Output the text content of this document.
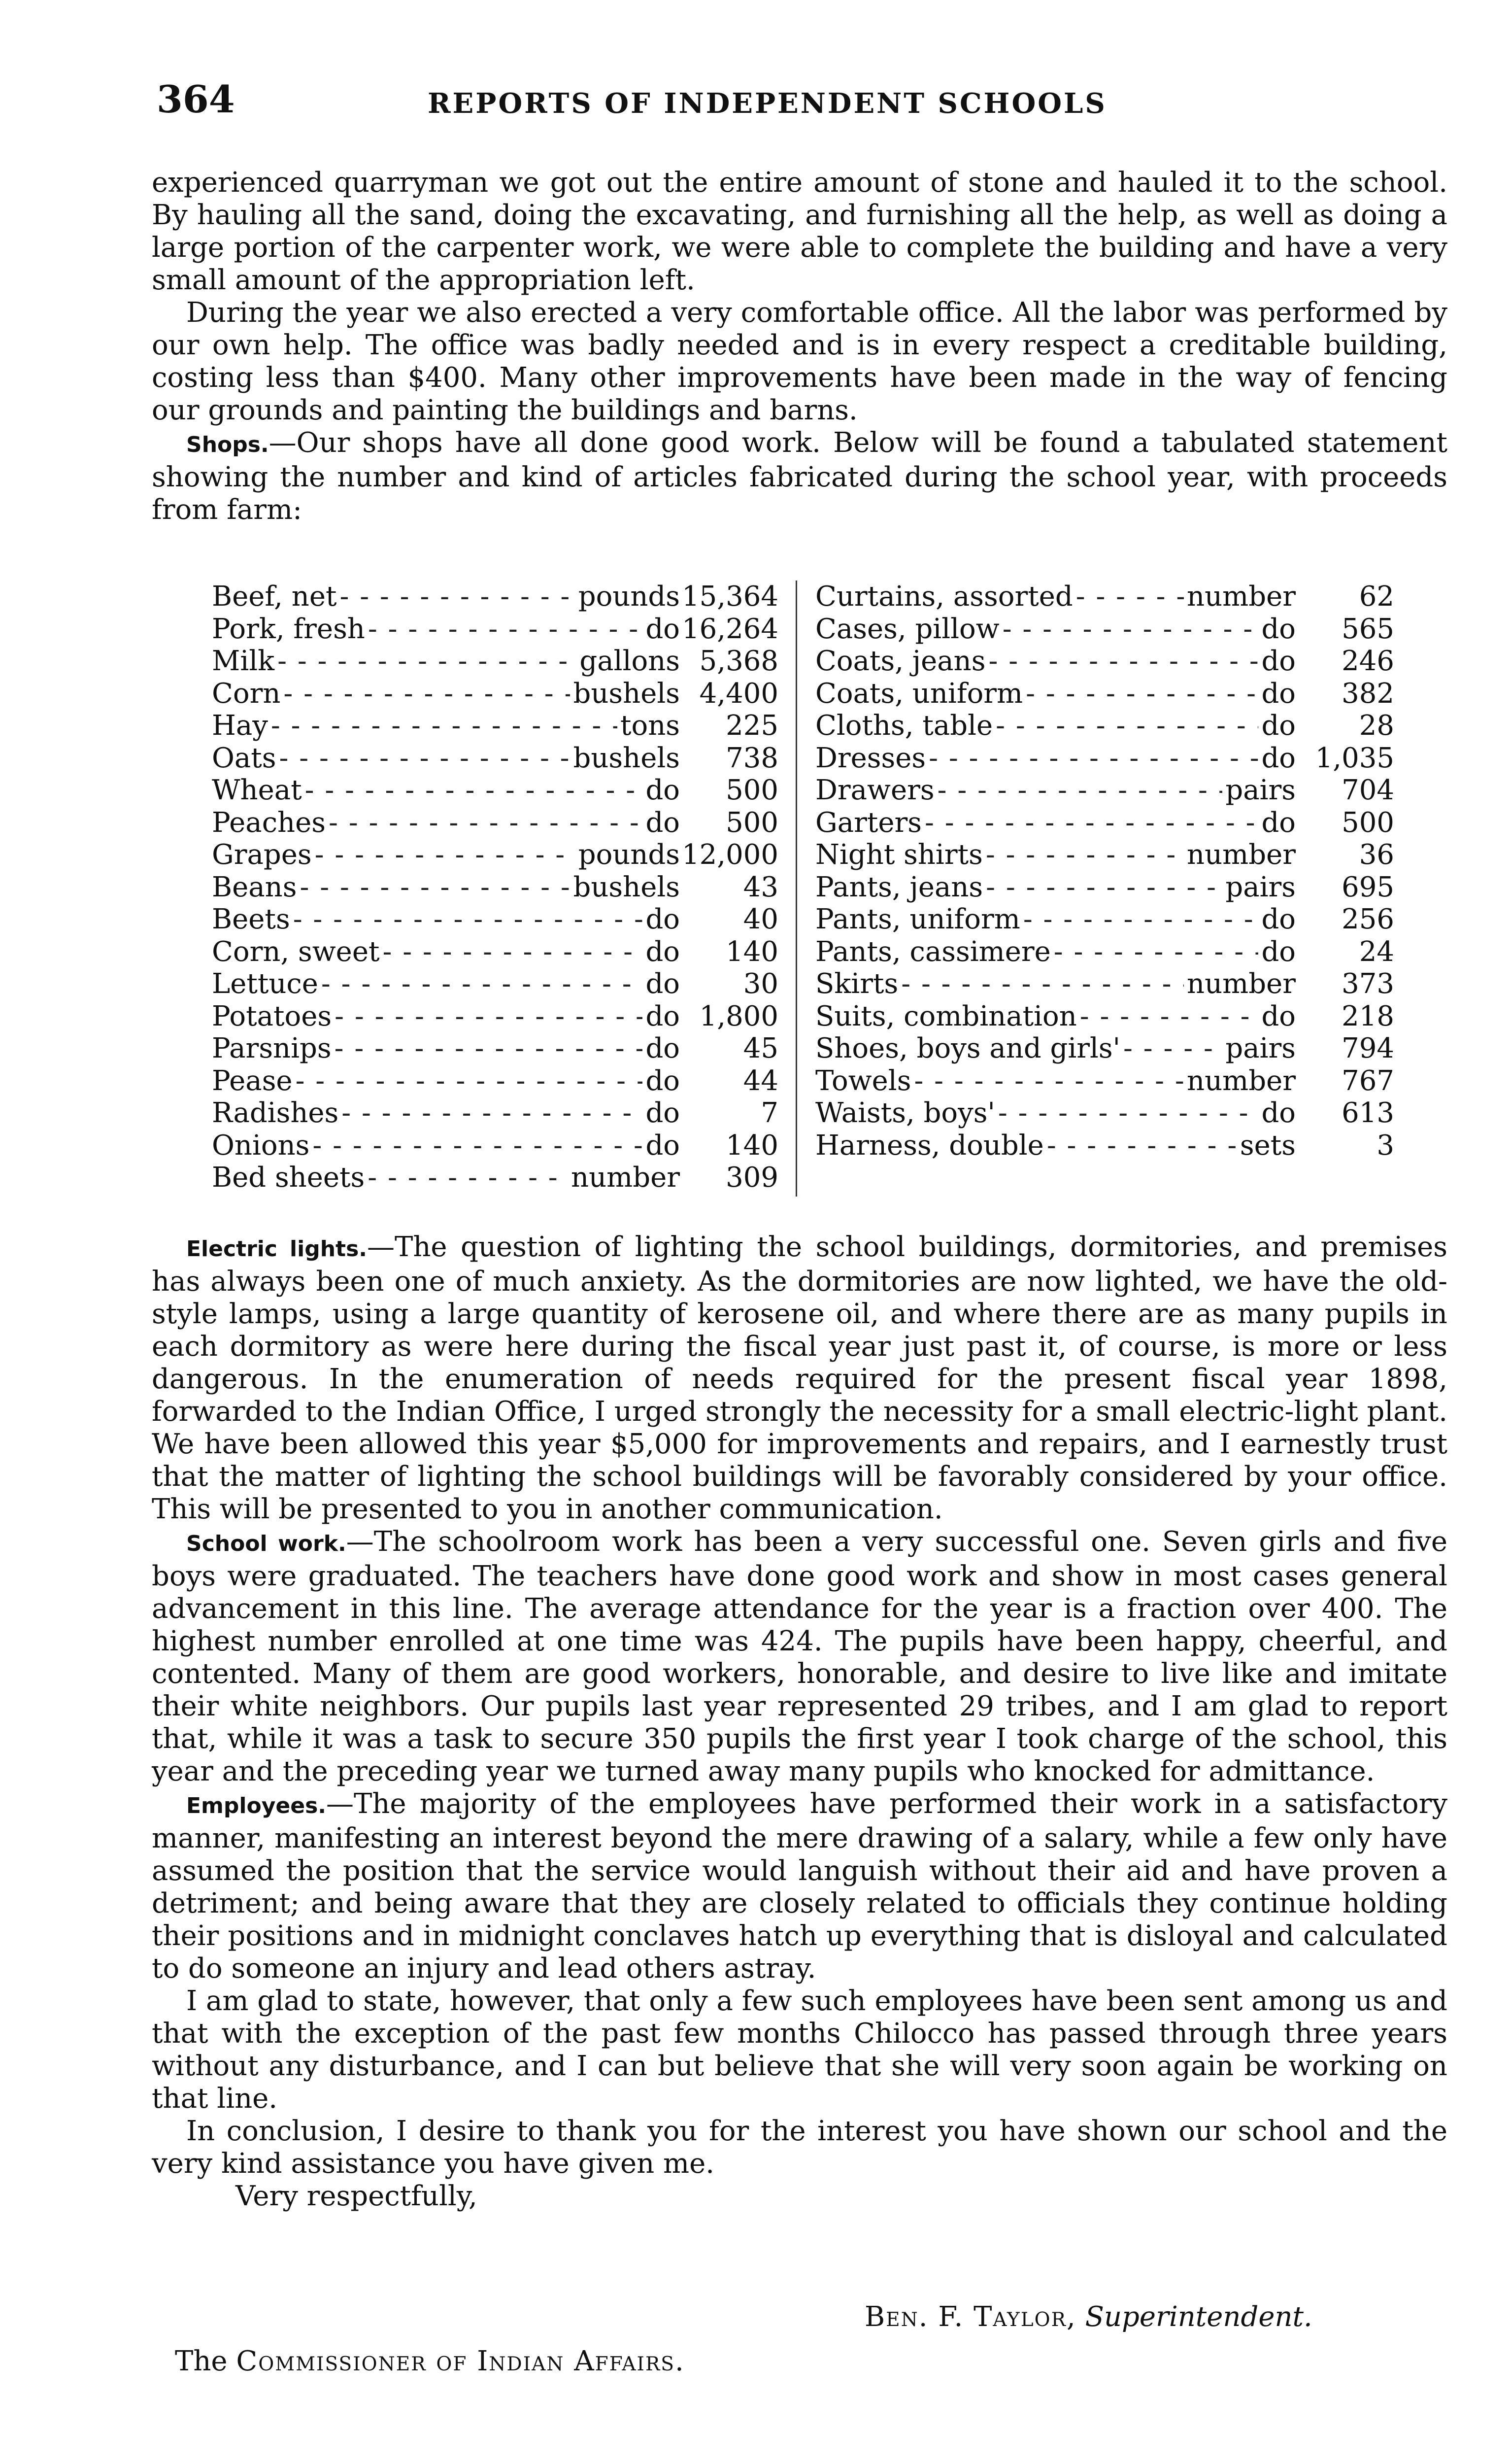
364	REPORTS OF INDEPENDENT SCHOOLS

experienced quarryman we got out the entire amount of stone and hauled it to the school. By hauling all the sand, doing the excavating, and furnishing all the help, as well as doing a large portion of the carpenter work, we were able to complete the building and have a very small amount of the appropriation left.

During the year we also erected a very comfortable office. All the labor was performed by our own help. The office was badly needed and is in every respect a creditable building, costing less than $400. Many other improvements have been made in the way of fencing our grounds and painting the buildings and barns.

Shops.—Our shops have all done good work. Below will be found a tabulated statement showing the number and kind of articles fabricated during the school year, with proceeds from farm:

Beef, net - - -	pounds 15,364
Pork, fresh - - -	do 16,264
Milk - - -	gallons 5,368
Corn - - -	bushels 4,400
Hay - - -	tons	225
Oats - - -	bushels	738
Wheat - - -	do	500
Peaches - - -	do	500
Grapes - - -	pounds 12,000
Beans - - -	bushels	43
Beets - - -	do	40
Corn, sweet - - -	do	140
Lettuce - - -	do	30
Potatoes - - -	do 1,800
Parsnips - - -	do	45
Pease - - -	do	44
Radishes - - -	do	7
Onions - - -	do	140
Bed sheets - - -	number	309
Curtains, assorted - - -	number	62
Cases, pillow - - -	do	565
Coats, jeans - - -	do	246
Coats, uniform - - -	do	382
Cloths, table - - -	do	28
Dresses - - -	do 1,035
Drawers - - -	pairs	704
Garters - - -	do	500
Night shirts - - -	number	36
Pants, jeans - - -	pairs	695
Pants, uniform - - -	do	256
Pants, cassimere - - -	do	24
Skirts - - -	number	373
Suits, combination - - -	do	218
Shoes, boys and girls' - - -	pairs	794
Towels - - -	number	767
Waists, boys' - - -	do	613
Harness, double - - -	sets	3

Electric lights.—The question of lighting the school buildings, dormitories, and premises has always been one of much anxiety. As the dormitories are now lighted, we have the old-style lamps, using a large quantity of kerosene oil, and where there are as many pupils in each dormitory as were here during the fiscal year just past it, of course, is more or less dangerous. In the enumeration of needs required for the present fiscal year 1898, forwarded to the Indian Office, I urged strongly the necessity for a small electric-light plant. We have been allowed this year $5,000 for improvements and repairs, and I earnestly trust that the matter of lighting the school buildings will be favorably considered by your office. This will be presented to you in another communication.

School work.—The schoolroom work has been a very successful one. Seven girls and five boys were graduated. The teachers have done good work and show in most cases general advancement in this line. The average attendance for the year is a fraction over 400. The highest number enrolled at one time was 424. The pupils have been happy, cheerful, and contented. Many of them are good workers, honorable, and desire to live like and imitate their white neighbors. Our pupils last year represented 29 tribes, and I am glad to report that, while it was a task to secure 350 pupils the first year I took charge of the school, this year and the preceding year we turned away many pupils who knocked for admittance.

Employees.—The majority of the employees have performed their work in a satisfactory manner, manifesting an interest beyond the mere drawing of a salary, while a few only have assumed the position that the service would languish without their aid and have proven a detriment; and being aware that they are closely related to officials they continue holding their positions and in midnight conclaves hatch up everything that is disloyal and calculated to do someone an injury and lead others astray.

I am glad to state, however, that only a few such employees have been sent among us and that with the exception of the past few months Chilocco has passed through three years without any disturbance, and I can but believe that she will very soon again be working on that line.

In conclusion, I desire to thank you for the interest you have shown our school and the very kind assistance you have given me.

Very respectfully,

Ben. F. Taylor, Superintendent.
The Commissioner of Indian Affairs.
